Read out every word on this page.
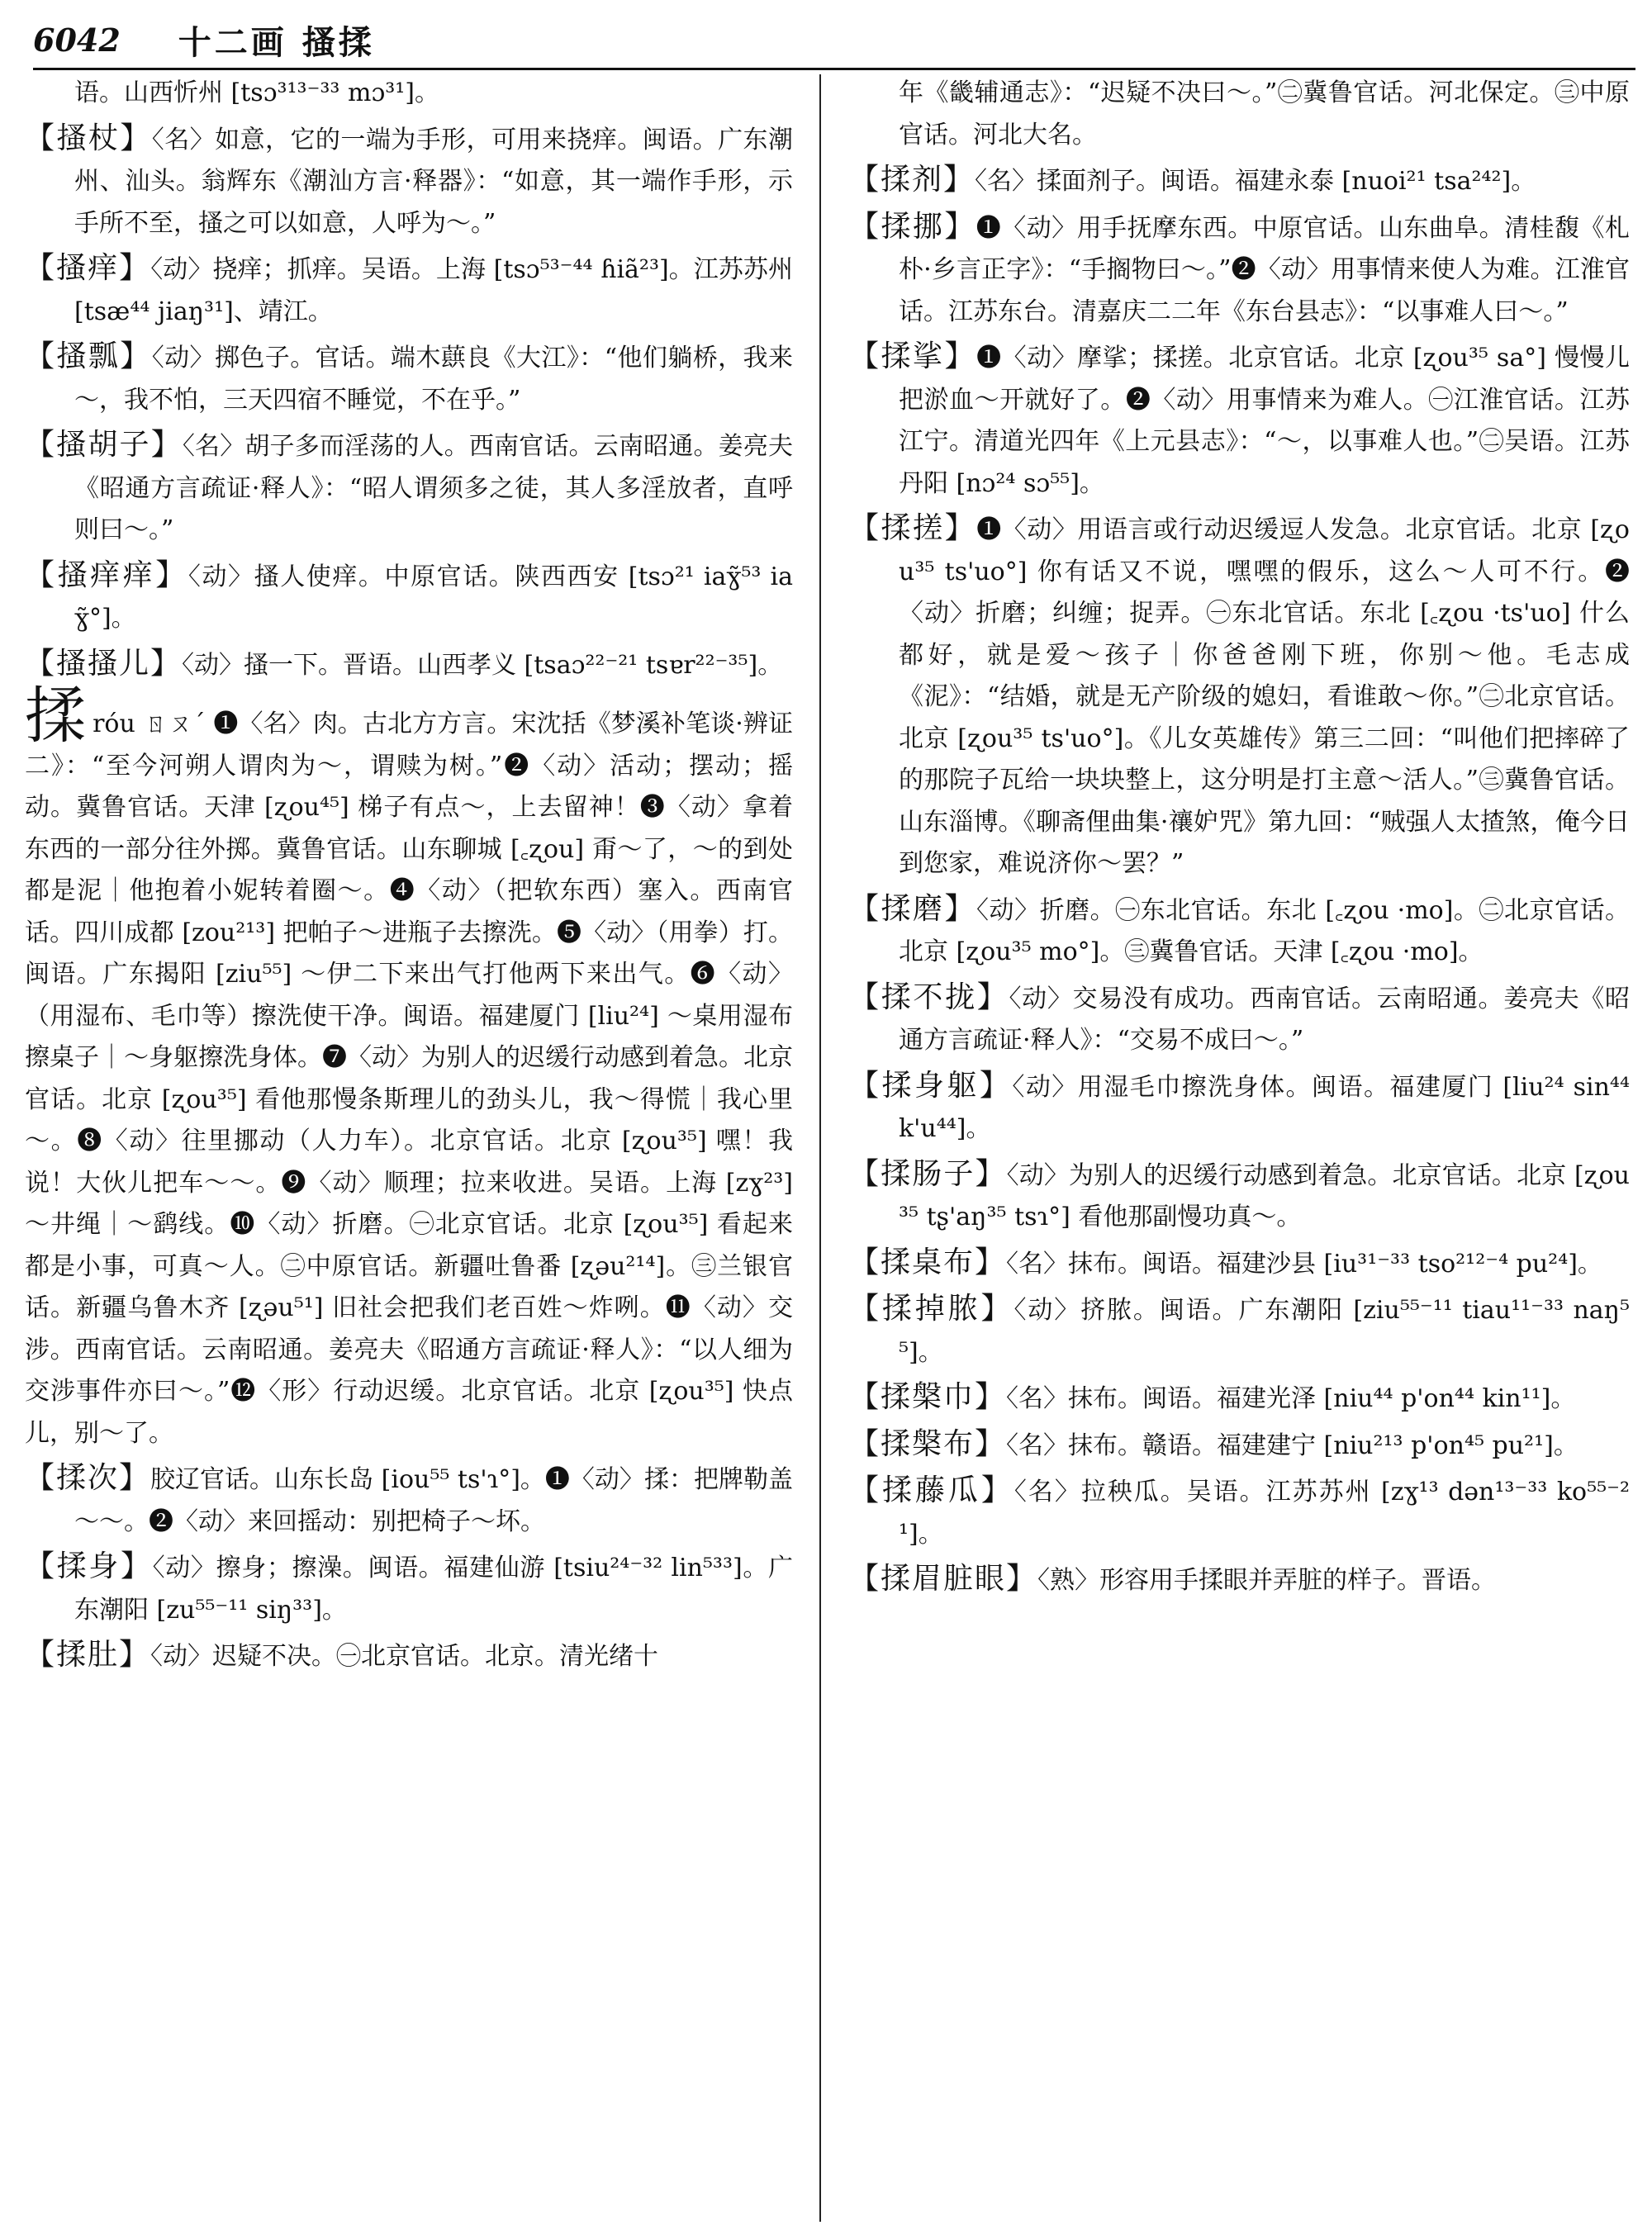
6042 十二画 搔揉

语。山西忻州 [tsɔ³¹³⁻³³ mɔ³¹]。

【搔杖】〈名〉如意，它的一端为手形，可用来挠痒。闽语。广东潮州、汕头。翁辉东《潮汕方言·释器》：“如意，其一端作手形，示手所不至，搔之可以如意，人呼为～。”

【搔痒】〈动〉挠痒；抓痒。吴语。上海 [tsɔ⁵³⁻⁴⁴ ɦiã²³]。江苏苏州 [tsæ⁴⁴ jiaŋ³¹]、靖江。

【搔瓢】〈动〉掷色子。官话。端木蕻良《大江》：“他们躺桥，我来～，我不怕，三天四宿不睡觉，不在乎。”

【搔胡子】〈名〉胡子多而淫荡的人。西南官话。云南昭通。姜亮夫《昭通方言疏证·释人》：“昭人谓须多之徒，其人多淫放者，直呼则曰～。”

【搔痒痒】〈动〉搔人使痒。中原官话。陕西西安 [tsɔ²¹ iaɣ̃⁵³ iaɣ̃°]。

【搔搔儿】〈动〉搔一下。晋语。山西孝义 [tsaɔ²²⁻²¹ tsɐr²²⁻³⁵]。

揉róu ㄖㄡˊ ❶〈名〉肉。古北方方言。宋沈括《梦溪补笔谈·辨证二》：“至今河朔人谓肉为～，谓赎为树。”❷〈动〉活动；摆动；摇动。冀鲁官话。天津 [ʐou⁴⁵] 梯子有点～，上去留神！❸〈动〉拿着东西的一部分往外掷。冀鲁官话。山东聊城 [꜀ʐou] 甭～了，～的到处都是泥｜他抱着小妮转着圈～。❹〈动〉（把软东西）塞入。西南官话。四川成都 [zou²¹³] 把帕子～进瓶子去擦洗。❺〈动〉（用拳）打。闽语。广东揭阳 [ziu⁵⁵] ～伊二下来出气打他两下来出气。❻〈动〉（用湿布、毛巾等）擦洗使干净。闽语。福建厦门 [liu²⁴] ～桌用湿布擦桌子｜～身躯擦洗身体。❼〈动〉为别人的迟缓行动感到着急。北京官话。北京 [ʐou³⁵] 看他那慢条斯理儿的劲头儿，我～得慌｜我心里～。❽〈动〉往里挪动（人力车）。北京官话。北京 [ʐou³⁵] 嘿！我说！大伙儿把车～～。❾〈动〉顺理；拉来收进。吴语。上海 [zɣ²³] ～井绳｜～鹞线。❿〈动〉折磨。㊀北京官话。北京 [ʐou³⁵] 看起来都是小事，可真～人。㊁中原官话。新疆吐鲁番 [ʐəu²¹⁴]。㊂兰银官话。新疆乌鲁木齐 [ʐəu⁵¹] 旧社会把我们老百姓～炸咧。⓫〈动〉交涉。西南官话。云南昭通。姜亮夫《昭通方言疏证·释人》：“以人细为交涉事件亦曰～。”⓬〈形〉行动迟缓。北京官话。北京 [ʐou³⁵] 快点儿，别～了。

【揉次】胶辽官话。山东长岛 [iou⁵⁵ ts'ɿ°]。❶〈动〉揉：把牌勒盖～～。❷〈动〉来回摇动：别把椅子～坏。

【揉身】〈动〉擦身；擦澡。闽语。福建仙游 [tsiu²⁴⁻³² lin⁵³³]。广东潮阳 [zu⁵⁵⁻¹¹ siŋ³³]。

【揉肚】〈动〉迟疑不决。㊀北京官话。北京。清光绪十

年《畿辅通志》：“迟疑不决曰～。”㊁冀鲁官话。河北保定。㊂中原官话。河北大名。

【揉剂】〈名〉揉面剂子。闽语。福建永泰 [nuoi²¹ tsa²⁴²]。

【揉挪】❶〈动〉用手抚摩东西。中原官话。山东曲阜。清桂馥《札朴·乡言正字》：“手搁物曰～。”❷〈动〉用事情来使人为难。江淮官话。江苏东台。清嘉庆二二年《东台县志》：“以事难人曰～。”

【揉挲】❶〈动〉摩挲；揉搓。北京官话。北京 [ʐou³⁵ sa°] 慢慢儿把淤血～开就好了。❷〈动〉用事情来为难人。㊀江淮官话。江苏江宁。清道光四年《上元县志》：“～，以事难人也。”㊁吴语。江苏丹阳 [nɔ²⁴ sɔ⁵⁵]。

【揉搓】❶〈动〉用语言或行动迟缓逗人发急。北京官话。北京 [ʐou³⁵ ts'uo°] 你有话又不说，嘿嘿的假乐，这么～人可不行。❷〈动〉折磨；纠缠；捉弄。㊀东北官话。东北 [꜀ʐou ·ts'uo] 什么都好，就是爱～孩子｜你爸爸刚下班，你别～他。毛志成《泥》：“结婚，就是无产阶级的媳妇，看谁敢～你。”㊁北京官话。北京 [ʐou³⁵ ts'uo°]。《儿女英雄传》第三二回：“叫他们把摔碎了的那院子瓦给一块块整上，这分明是打主意～活人。”㊂冀鲁官话。山东淄博。《聊斋俚曲集·禳妒咒》第九回：“贼强人太揸煞，俺今日到您家，难说济你～罢？”

【揉磨】〈动〉折磨。㊀东北官话。东北 [꜀ʐou ·mo]。㊁北京官话。北京 [ʐou³⁵ mo°]。㊂冀鲁官话。天津 [꜀ʐou ·mo]。

【揉不拢】〈动〉交易没有成功。西南官话。云南昭通。姜亮夫《昭通方言疏证·释人》：“交易不成曰～。”

【揉身躯】〈动〉用湿毛巾擦洗身体。闽语。福建厦门 [liu²⁴ sin⁴⁴ k'u⁴⁴]。

【揉肠子】〈动〉为别人的迟缓行动感到着急。北京官话。北京 [ʐou³⁵ tʂ'aŋ³⁵ tsɿ°] 看他那副慢功真～。

【揉桌布】〈名〉抹布。闽语。福建沙县 [iu³¹⁻³³ tso²¹²⁻⁴ pu²⁴]。

【揉掉脓】〈动〉挤脓。闽语。广东潮阳 [ziu⁵⁵⁻¹¹ tiau¹¹⁻³³ naŋ⁵⁵]。

【揉槃巾】〈名〉抹布。闽语。福建光泽 [niu⁴⁴ p'on⁴⁴ kin¹¹]。

【揉槃布】〈名〉抹布。赣语。福建建宁 [niu²¹³ p'on⁴⁵ pu²¹]。

【揉藤瓜】〈名〉拉秧瓜。吴语。江苏苏州 [zɣ¹³ dən¹³⁻³³ ko⁵⁵⁻²¹]。

【揉眉脏眼】〈熟〉形容用手揉眼并弄脏的样子。晋语。
